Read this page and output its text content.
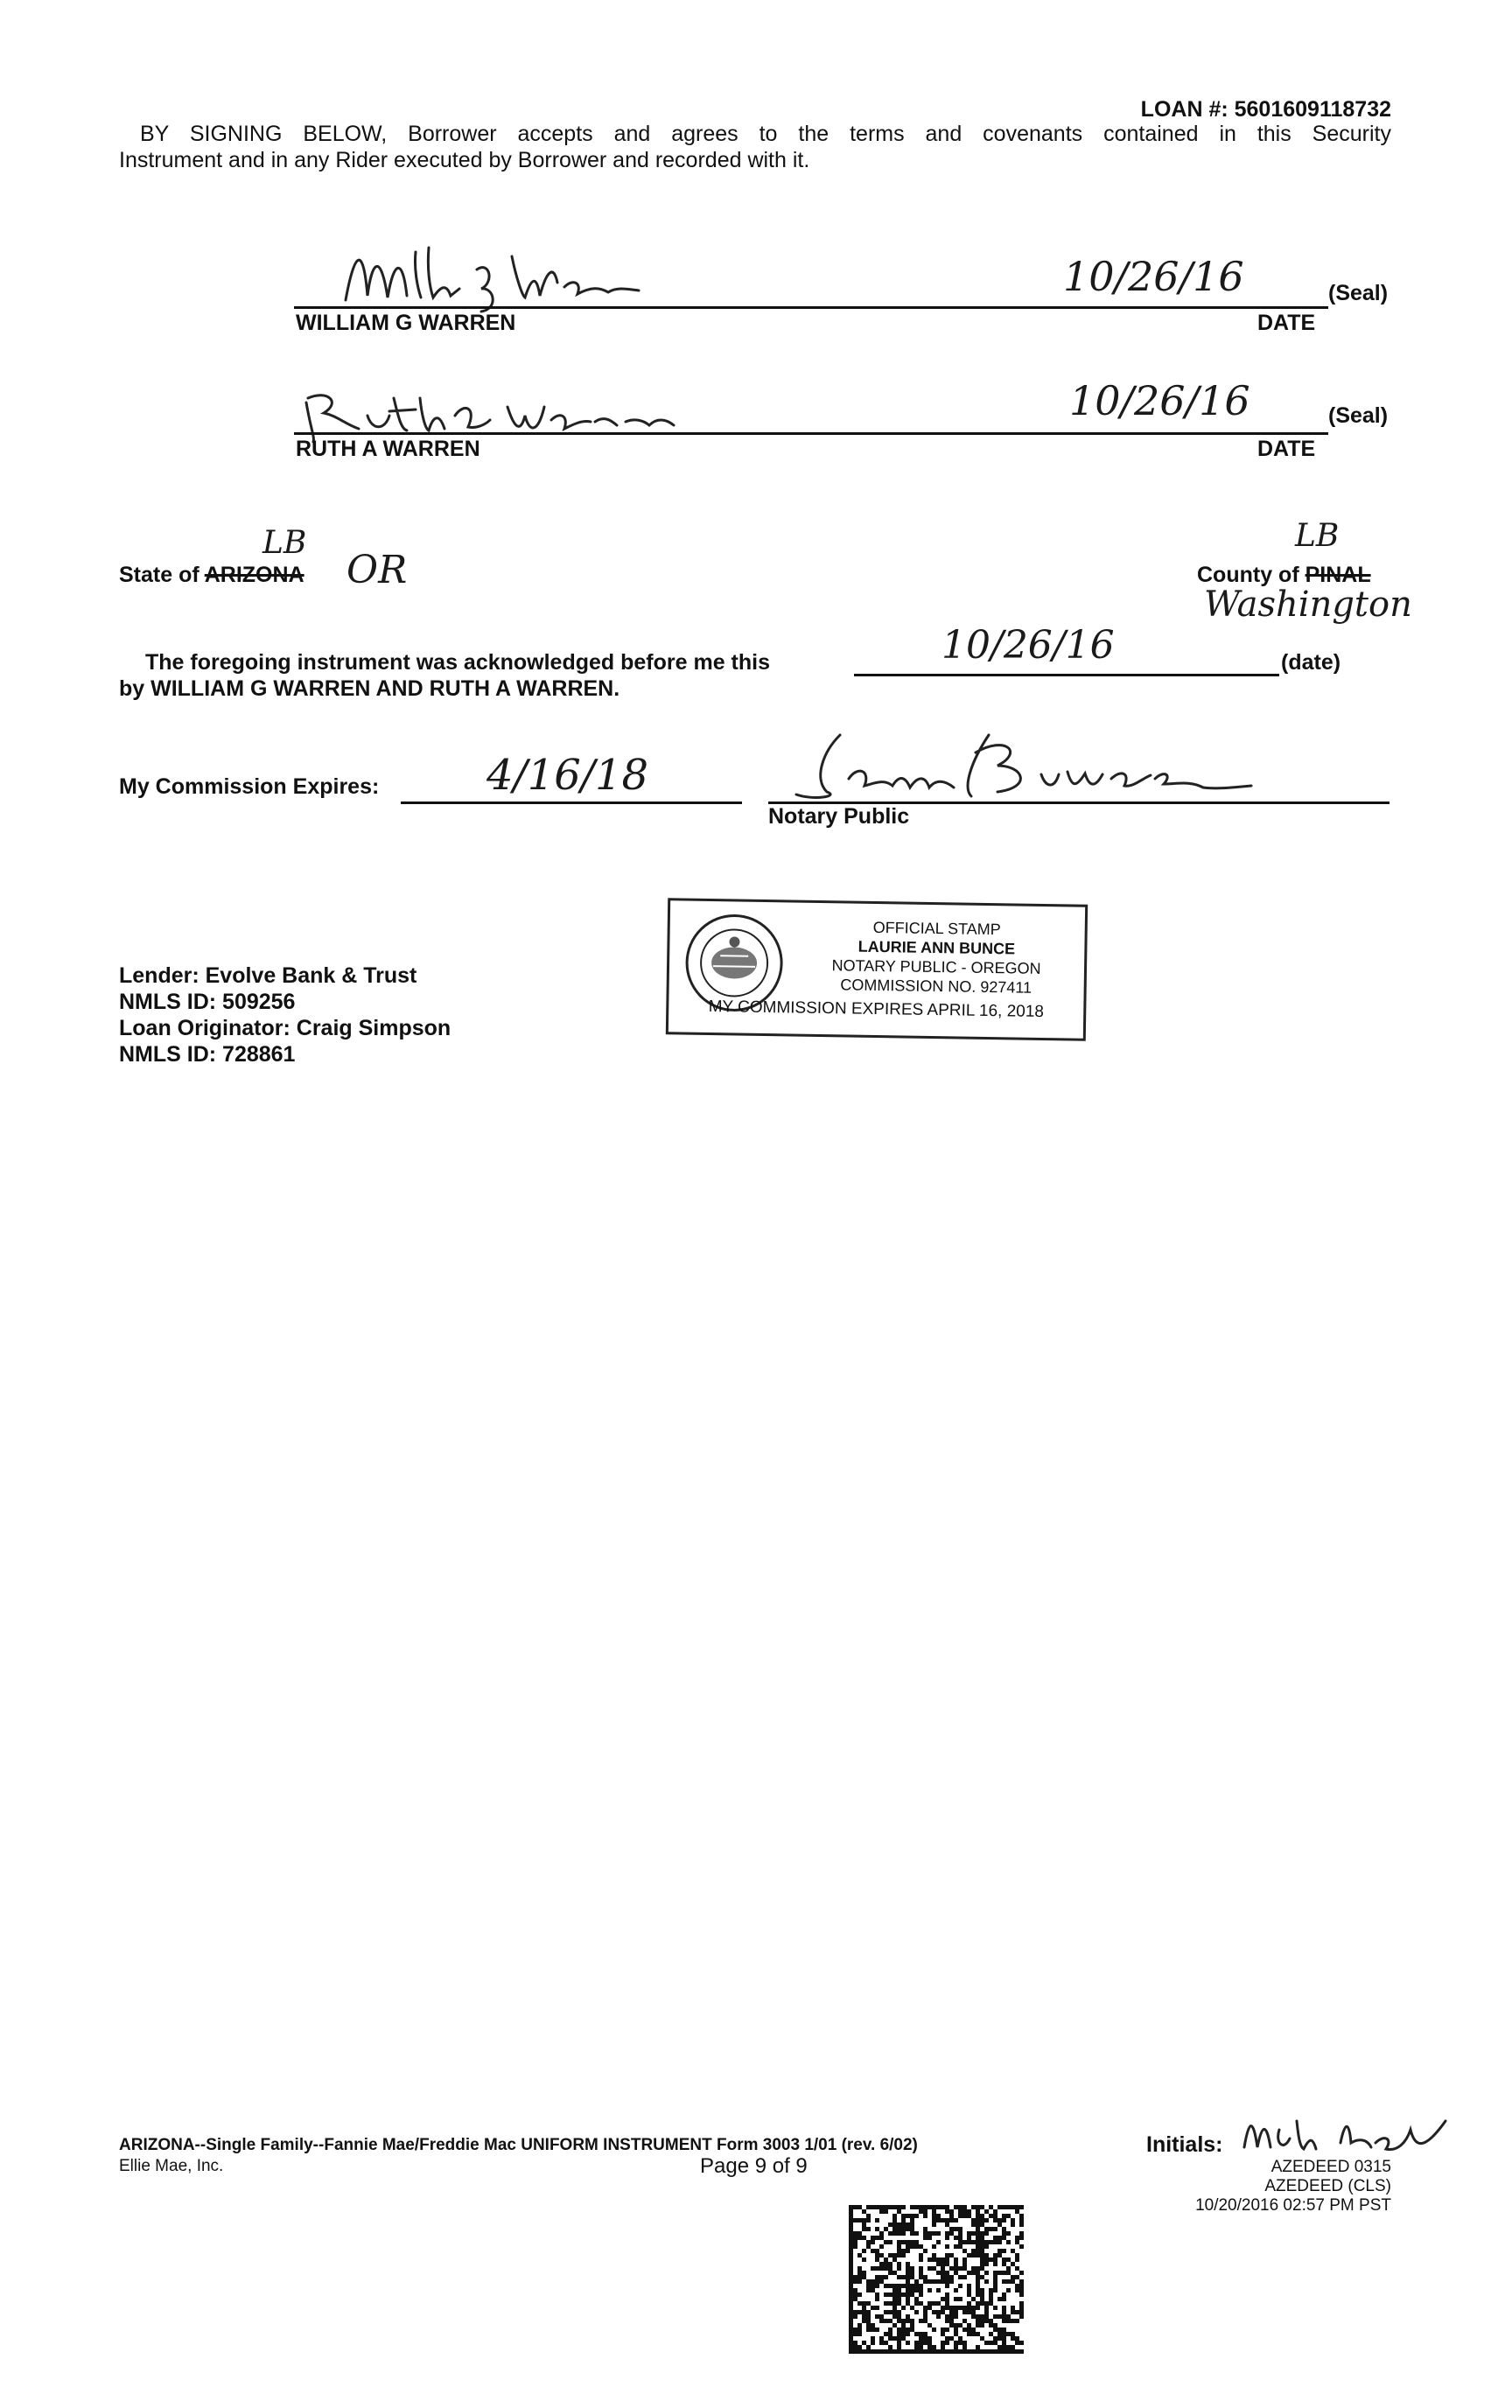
LOAN #: 5601609118732
BY SIGNING BELOW, Borrower accepts and agrees to the terms and covenants contained in this Security
Instrument and in any Rider executed by Borrower and recorded with it.
10/26/16	(Seal)
WILLIAM G WARREN	DATE
10/26/16	(Seal)
RUTH A WARREN	DATE
LB
State of ARIZONA OR
LB
County of PINAL
Washington
The foregoing instrument was acknowledged before me this	10/26/16	(date)
by WILLIAM G WARREN AND RUTH A WARREN.
My Commission Expires:	4/16/18
Notary Public
Lender: Evolve Bank & Trust
NMLS ID: 509256
Loan Originator: Craig Simpson
NMLS ID: 728861
OFFICIAL STAMP
LAURIE ANN BUNCE
NOTARY PUBLIC - OREGON
COMMISSION NO. 927411
MY COMMISSION EXPIRES APRIL 16, 2018
ARIZONA--Single Family--Fannie Mae/Freddie Mac UNIFORM INSTRUMENT Form 3003 1/01 (rev. 6/02)
Ellie Mae, Inc.	Page 9 of 9
Initials:
AZEDEED 0315
AZEDEED (CLS)
10/20/2016 02:57 PM PST
